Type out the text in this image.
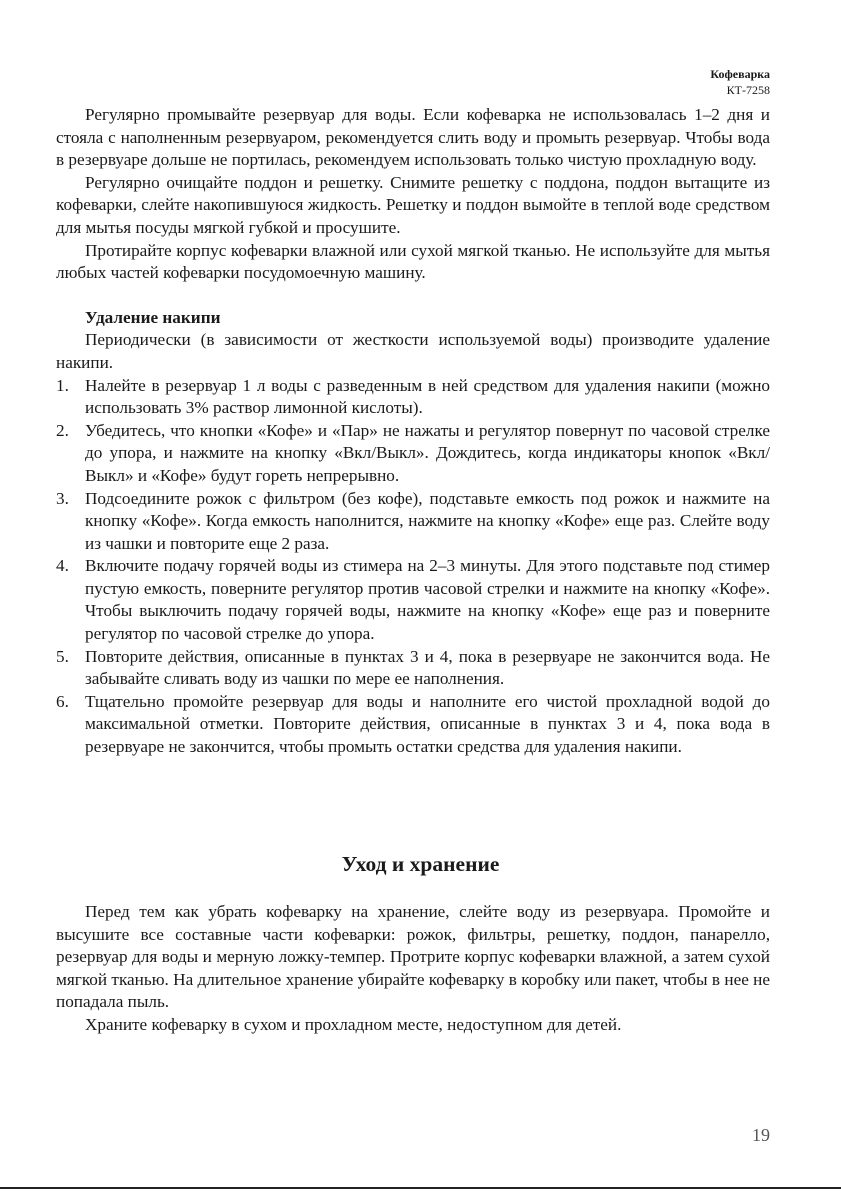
Кофеварка
КТ-7258

Регулярно промывайте резервуар для воды. Если кофеварка не использовалась 1–2 дня и стояла с наполненным резервуаром, рекомендуется слить воду и промыть резервуар. Чтобы вода в резервуаре дольше не портилась, рекомендуем использовать только чистую прохладную воду.

Регулярно очищайте поддон и решетку. Снимите решетку с поддона, поддон вытащите из кофеварки, слейте накопившуюся жидкость. Решетку и поддон вымойте в теплой воде средством для мытья посуды мягкой губкой и просушите.

Протирайте корпус кофеварки влажной или сухой мягкой тканью. Не используйте для мытья любых частей кофеварки посудомоечную машину.

Удаление накипи

Периодически (в зависимости от жесткости используемой воды) производите удаление накипи.

1. Налейте в резервуар 1 л воды с разведенным в ней средством для удаления накипи (можно использовать 3% раствор лимонной кислоты).
2. Убедитесь, что кнопки «Кофе» и «Пар» не нажаты и регулятор повернут по часовой стрелке до упора, и нажмите на кнопку «Вкл/Выкл». Дождитесь, когда индикаторы кнопок «Вкл/Выкл» и «Кофе» будут гореть непрерывно.
3. Подсоедините рожок с фильтром (без кофе), подставьте емкость под рожок и нажмите на кнопку «Кофе». Когда емкость наполнится, нажмите на кнопку «Кофе» еще раз. Слейте воду из чашки и повторите еще 2 раза.
4. Включите подачу горячей воды из стимера на 2–3 минуты. Для этого подставьте под стимер пустую емкость, поверните регулятор против часовой стрелки и нажмите на кнопку «Кофе». Чтобы выключить подачу горячей воды, нажмите на кнопку «Кофе» еще раз и поверните регулятор по часовой стрелке до упора.
5. Повторите действия, описанные в пунктах 3 и 4, пока в резервуаре не закончится вода. Не забывайте сливать воду из чашки по мере ее наполнения.
6. Тщательно промойте резервуар для воды и наполните его чистой прохладной водой до максимальной отметки. Повторите действия, описанные в пунктах 3 и 4, пока вода в резервуаре не закончится, чтобы промыть остатки средства для удаления накипи.
Уход и хранение

Перед тем как убрать кофеварку на хранение, слейте воду из резервуара. Промойте и высушите все составные части кофеварки: рожок, фильтры, решетку, поддон, панарелло, резервуар для воды и мерную ложку-темпер. Протрите корпус кофеварки влажной, а затем сухой мягкой тканью. На длительное хранение убирайте кофеварку в коробку или пакет, чтобы в нее не попадала пыль.

Храните кофеварку в сухом и прохладном месте, недоступном для детей.

19
